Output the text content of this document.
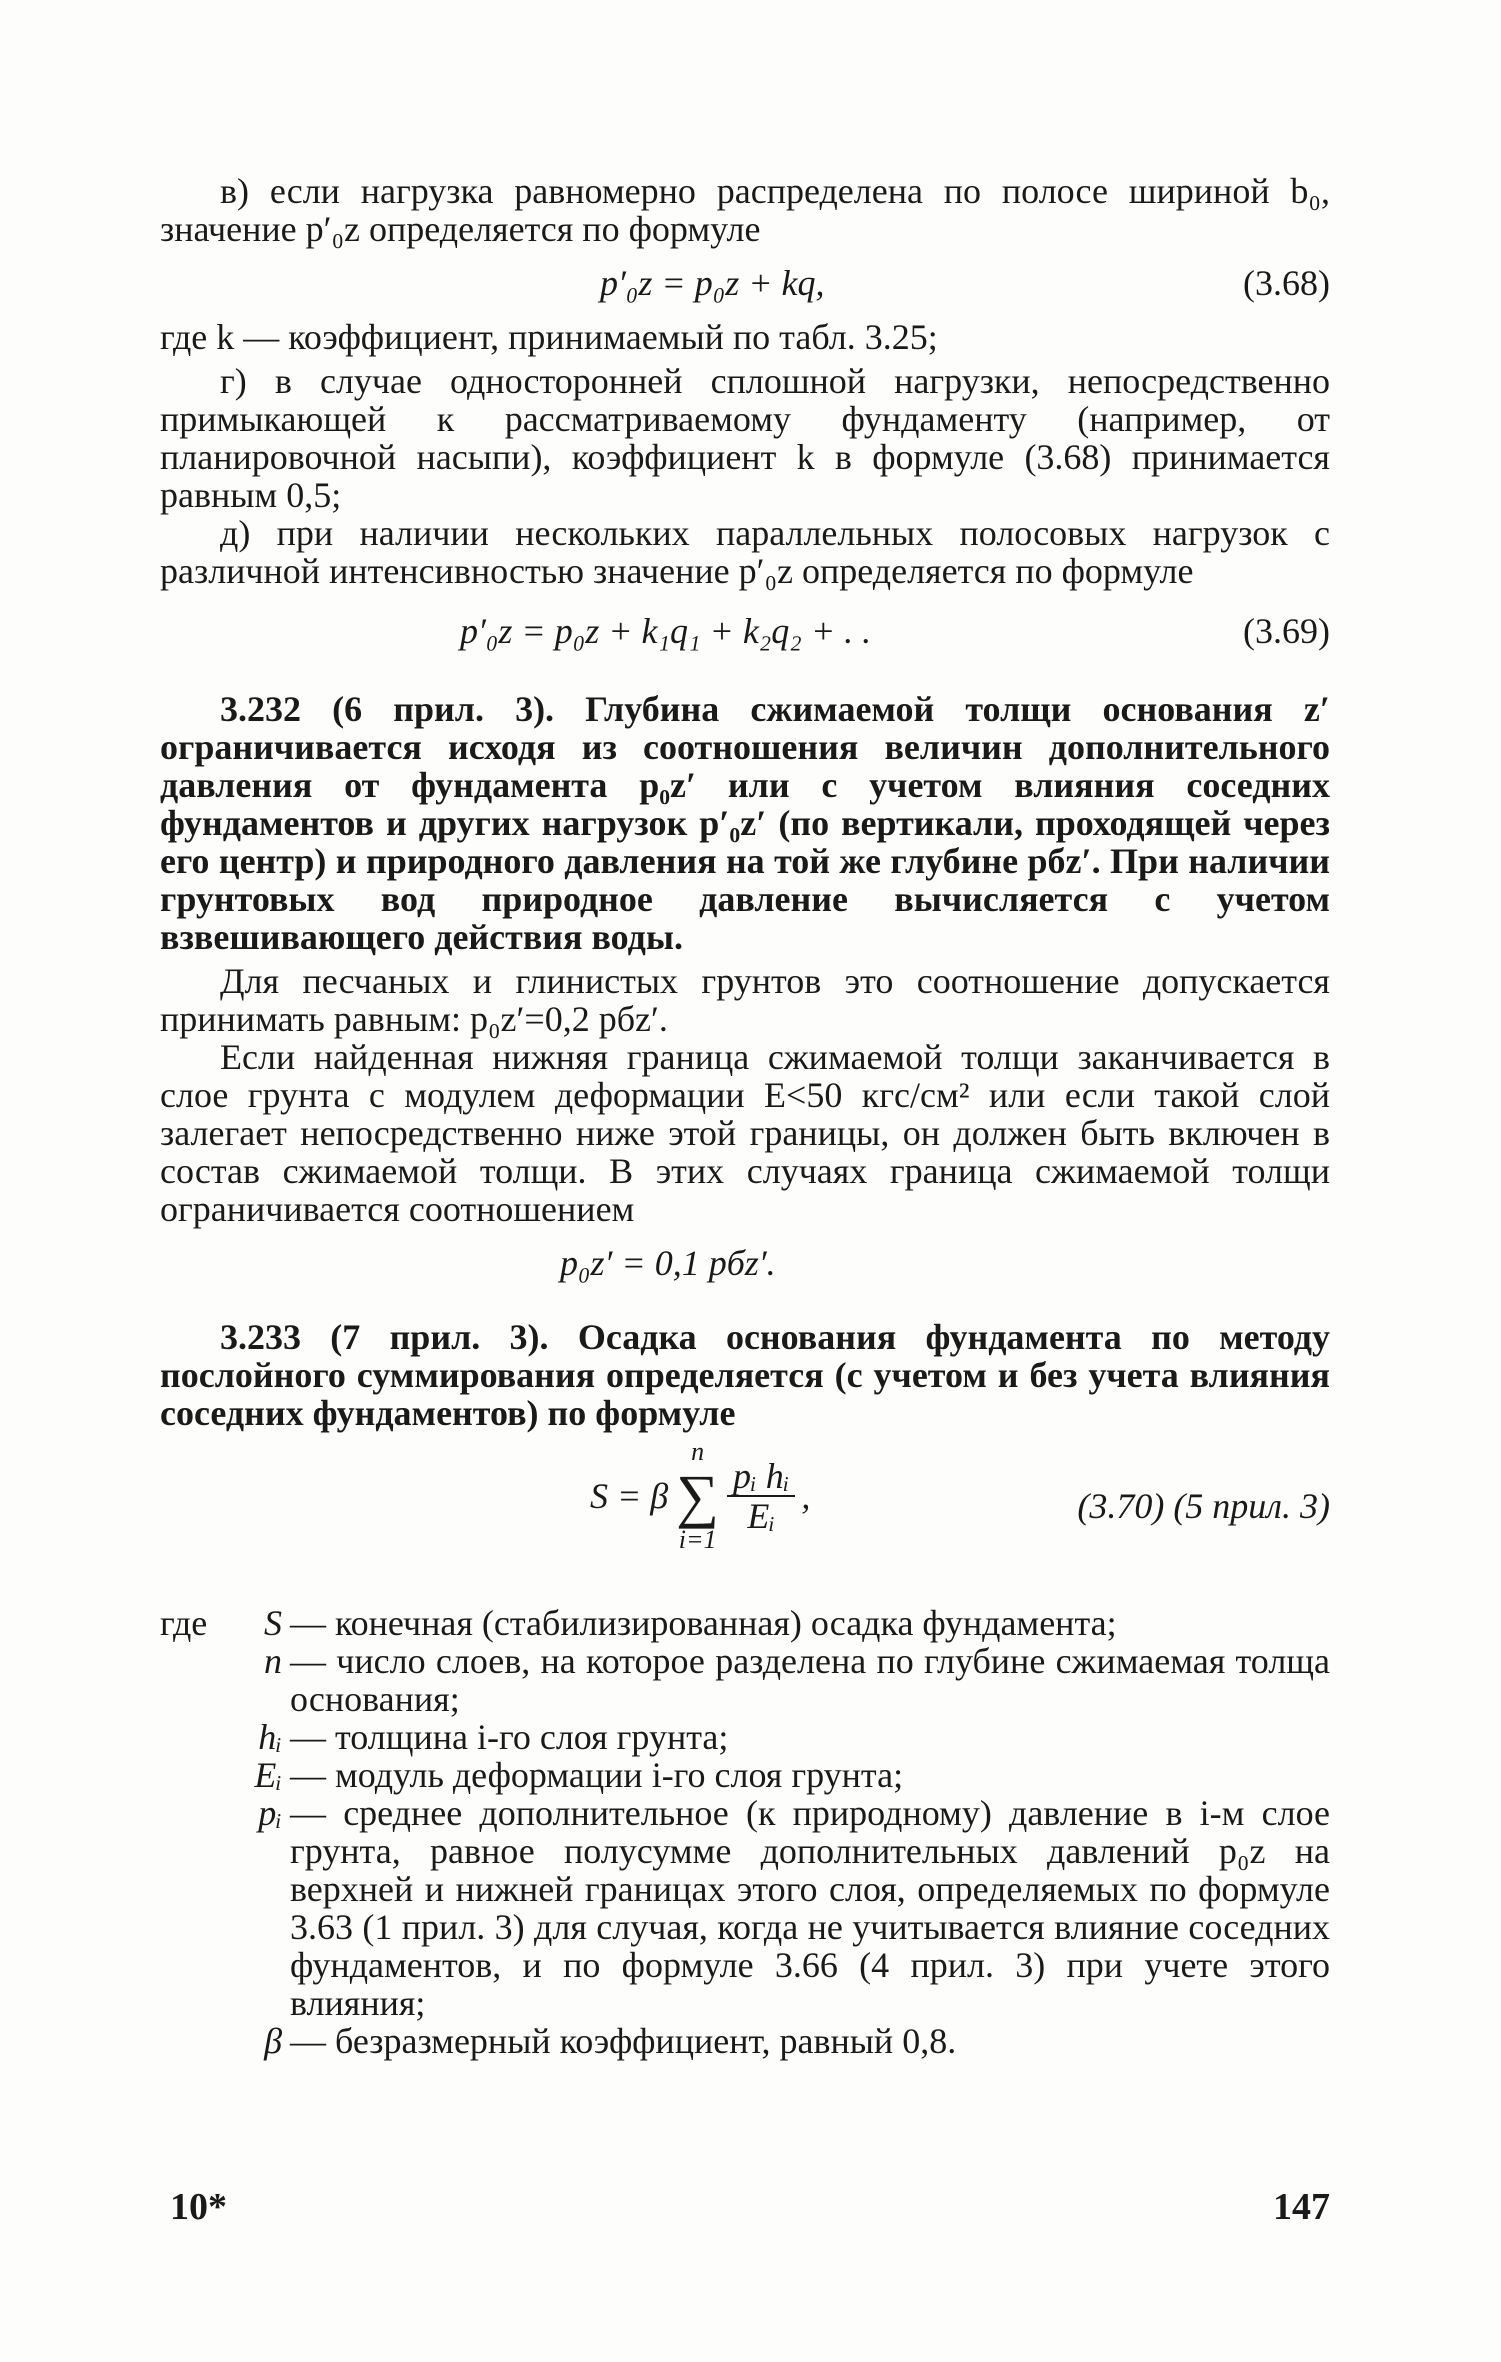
в) если нагрузка равномерно распределена по полосе шириной b₀, значение p′₀z определяется по формуле

p′₀z = p₀z + kq,	(3.68)

где k — коэффициент, принимаемый по табл. 3.25;

г) в случае односторонней сплошной нагрузки, непосредственно примыкающей к рассматриваемому фундаменту (например, от планировочной насыпи), коэффициент k в формуле (3.68) принимается равным 0,5;

д) при наличии нескольких параллельных полосовых нагрузок с различной интенсивностью значение p′₀z определяется по формуле

p′₀z = p₀z + k₁q₁ + k₂q₂ + . .	(3.69)

3.232 (6 прил. 3). Глубина сжимаемой толщи основания z′ ограничивается исходя из соотношения величин дополнительного давления от фундамента p₀z′ или с учетом влияния соседних фундаментов и других нагрузок p′₀z′ (по вертикали, проходящей через его центр) и природного давления на той же глубине pбz′. При наличии грунтовых вод природное давление вычисляется с учетом взвешивающего действия воды.

Для песчаных и глинистых грунтов это соотношение допускается принимать равным: p₀z′=0,2 pбz′.

Если найденная нижняя граница сжимаемой толщи заканчивается в слое грунта с модулем деформации E<50 кгс/см² или если такой слой залегает непосредственно ниже этой границы, он должен быть включен в состав сжимаемой толщи. В этих случаях граница сжимаемой толщи ограничивается соотношением

p₀z′ = 0,1 pбz′.

3.233 (7 прил. 3). Осадка основания фундамента по методу послойного суммирования определяется (с учетом и без учета влияния соседних фундаментов) по формуле

S = β
n
∑
i=1
$\frac{\text{pᵢ hᵢ}}{\text{Eᵢ}}$ ,	(3.70) (5 прил. 3)
где	S — конечная (стабилизированная) осадка фундамента;
n — число слоев, на которое разделена по глубине сжимаемая толща основания;
hᵢ — толщина i-го слоя грунта;
Eᵢ — модуль деформации i-го слоя грунта;
pᵢ — среднее дополнительное (к природному) давление в i-м слое грунта, равное полусумме дополнительных давлений p₀z на верхней и нижней границах этого слоя, определяемых по формуле 3.63 (1 прил. 3) для случая, когда не учитывается влияние соседних фундаментов, и по формуле 3.66 (4 прил. 3) при учете этого влияния;
β — безразмерный коэффициент, равный 0,8.
10*	147
